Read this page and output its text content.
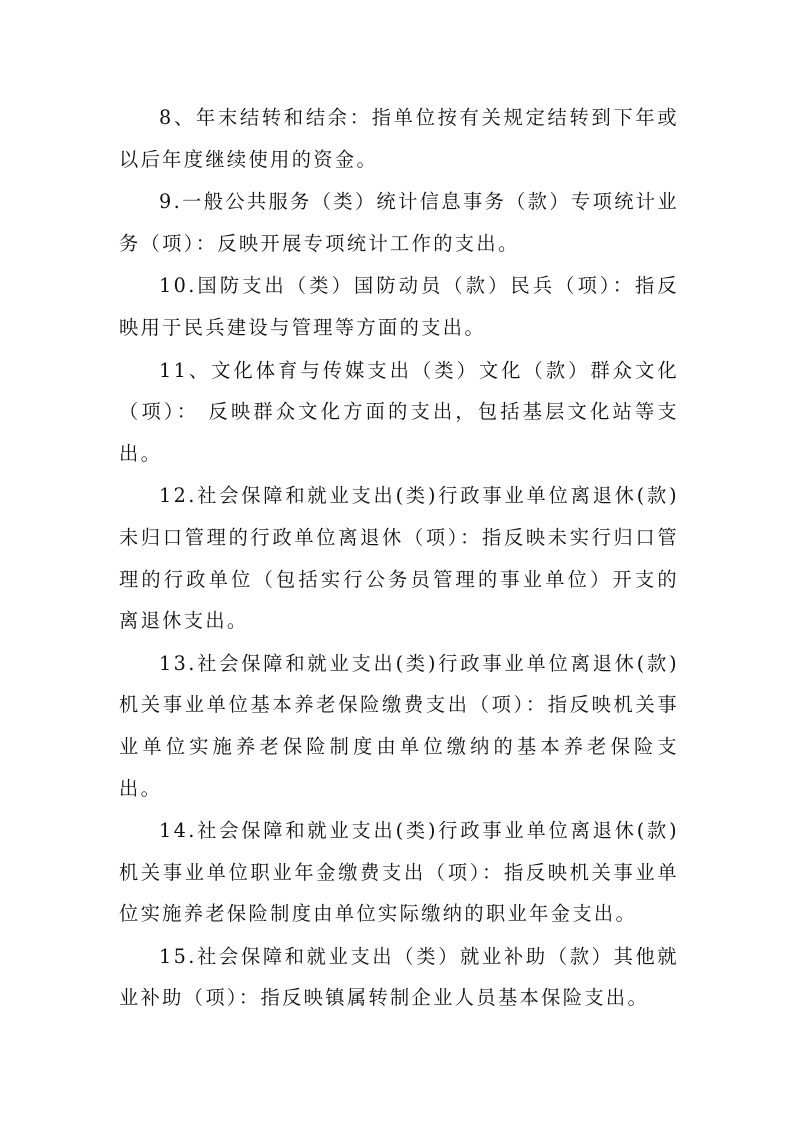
8、年末结转和结余：指单位按有关规定结转到下年或以后年度继续使用的资金。

9.一般公共服务（类）统计信息事务（款）专项统计业务（项）：反映开展专项统计工作的支出。

10.国防支出（类）国防动员（款）民兵（项）：指反映用于民兵建设与管理等方面的支出。

11、文化体育与传媒支出（类）文化（款）群众文化（项）： 反映群众文化方面的支出，包括基层文化站等支出。

12.社会保障和就业支出(类)行政事业单位离退休(款)未归口管理的行政单位离退休（项）：指反映未实行归口管理的行政单位（包括实行公务员管理的事业单位）开支的离退休支出。

13.社会保障和就业支出(类)行政事业单位离退休(款)机关事业单位基本养老保险缴费支出（项）：指反映机关事业单位实施养老保险制度由单位缴纳的基本养老保险支出。

14.社会保障和就业支出(类)行政事业单位离退休(款)机关事业单位职业年金缴费支出（项）：指反映机关事业单位实施养老保险制度由单位实际缴纳的职业年金支出。

15.社会保障和就业支出（类）就业补助（款）其他就业补助（项）：指反映镇属转制企业人员基本保险支出。
